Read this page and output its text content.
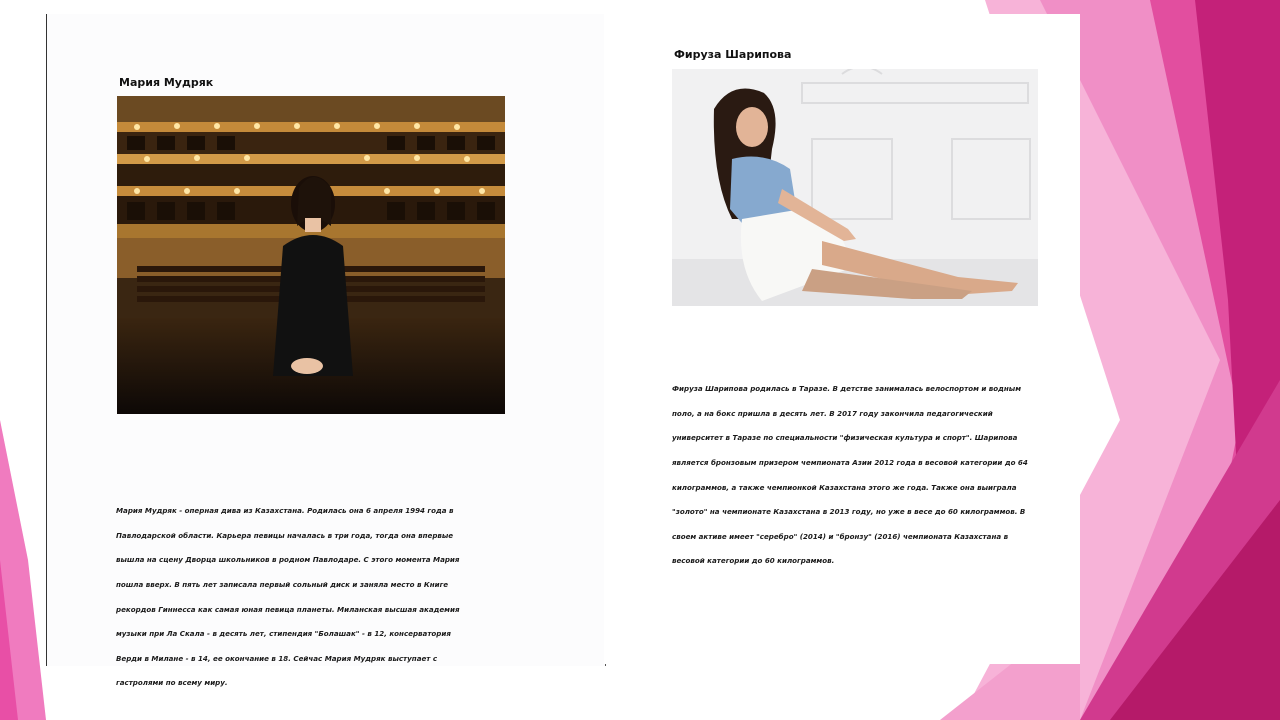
Мария Мудряк

Мария Мудряк - оперная дива из Казахстана. Родилась она 6 апреля 1994 года в

Павлодарской области. Карьера певицы началась в три года, тогда она впервые

вышла на сцену Дворца школьников в родном Павлодаре. С этого момента Мария

пошла вверх. В пять лет записала первый сольный диск и заняла место в Книге

рекордов Гиннесса как самая юная певица планеты. Миланская высшая академия

музыки при Ла Скала - в десять лет, стипендия "Болашак" - в 12, консерватория

Верди в Милане - в 14, ее окончание в 18. Сейчас Мария Мудряк выступает с

гастролями по всему миру.

Фируза Шарипова

Фируза Шарипова родилась в Таразе. В детстве занималась велоспортом и водным

поло, а на бокс пришла в десять лет. В 2017 году закончила педагогический

университет в Таразе по специальности "физическая культура и спорт". Шарипова

является бронзовым призером чемпионата Азии 2012 года в весовой категории до 64

килограммов, а также чемпионкой Казахстана этого же года. Также она выиграла

"золото" на чемпионате Казахстана в 2013 году, но уже в весе до 60 килограммов. В

своем активе имеет "серебро" (2014) и "бронзу" (2016) чемпионата Казахстана в

весовой категории до 60 килограммов.
